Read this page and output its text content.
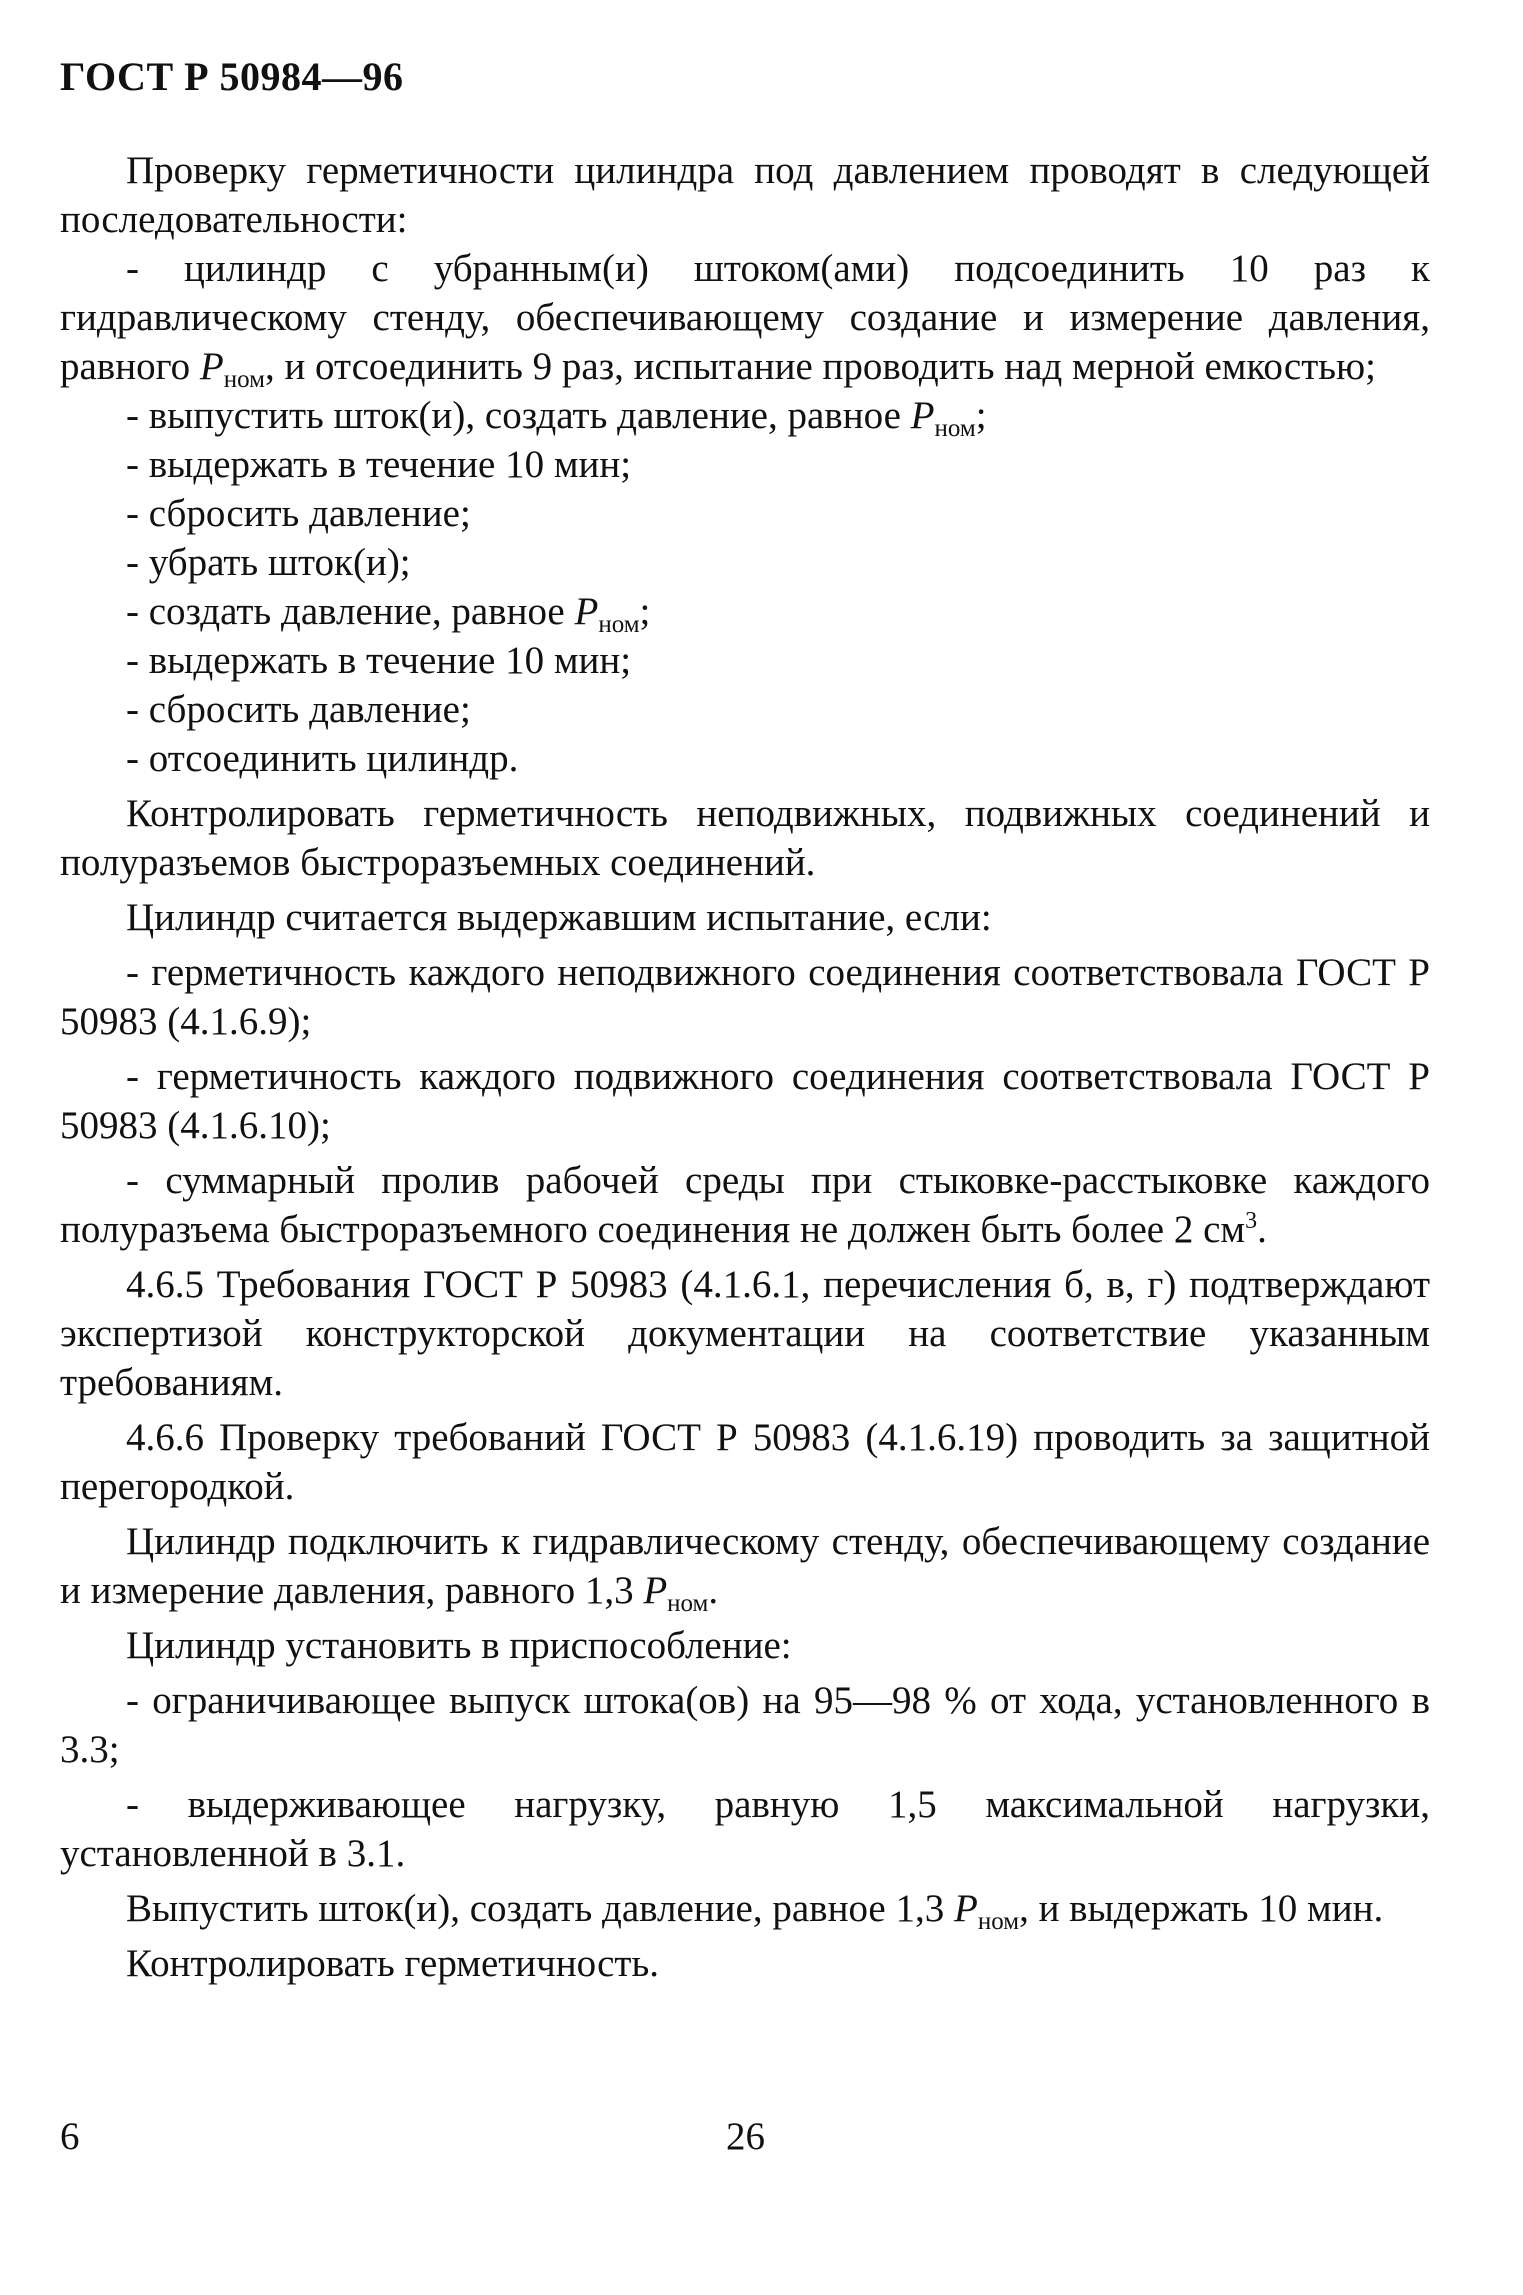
ГОСТ Р 50984—96

Проверку герметичности цилиндра под давлением проводят в следующей последовательности:

- цилиндр с убранным(и) штоком(ами) подсоединить 10 раз к гидравлическому стенду, обеспечивающему создание и измерение давления, равного $P_{ном}$, и отсоединить 9 раз, испытание проводить над мерной емкостью;

- выпустить шток(и), создать давление, равное $P_{ном}$;

- выдержать в течение 10 мин;

- сбросить давление;

- убрать шток(и);

- создать давление, равное $P_{ном}$;

- выдержать в течение 10 мин;

- сбросить давление;

- отсоединить цилиндр.

Контролировать герметичность неподвижных, подвижных соединений и полуразъемов быстроразъемных соединений.

Цилиндр считается выдержавшим испытание, если:

- герметичность каждого неподвижного соединения соответствовала ГОСТ Р 50983 (4.1.6.9);

- герметичность каждого подвижного соединения соответствовала ГОСТ Р 50983 (4.1.6.10);

- суммарный пролив рабочей среды при стыковке-расстыковке каждого полуразъема быстроразъемного соединения не должен быть более 2 $см^3$.

4.6.5 Требования ГОСТ Р 50983 (4.1.6.1, перечисления б, в, г) подтверждают экспертизой конструкторской документации на соответствие указанным требованиям.

4.6.6 Проверку требований ГОСТ Р 50983 (4.1.6.19) проводить за защитной перегородкой.

Цилиндр подключить к гидравлическому стенду, обеспечивающему создание и измерение давления, равного 1,3 $P_{ном}$.

Цилиндр установить в приспособление:

- ограничивающее выпуск штока(ов) на 95—98 % от хода, установленного в 3.3;

- выдерживающее нагрузку, равную 1,5 максимальной нагрузки, установленной в 3.1.

Выпустить шток(и), создать давление, равное 1,3 $P_{ном}$, и выдержать 10 мин.

Контролировать герметичность.

6	26
